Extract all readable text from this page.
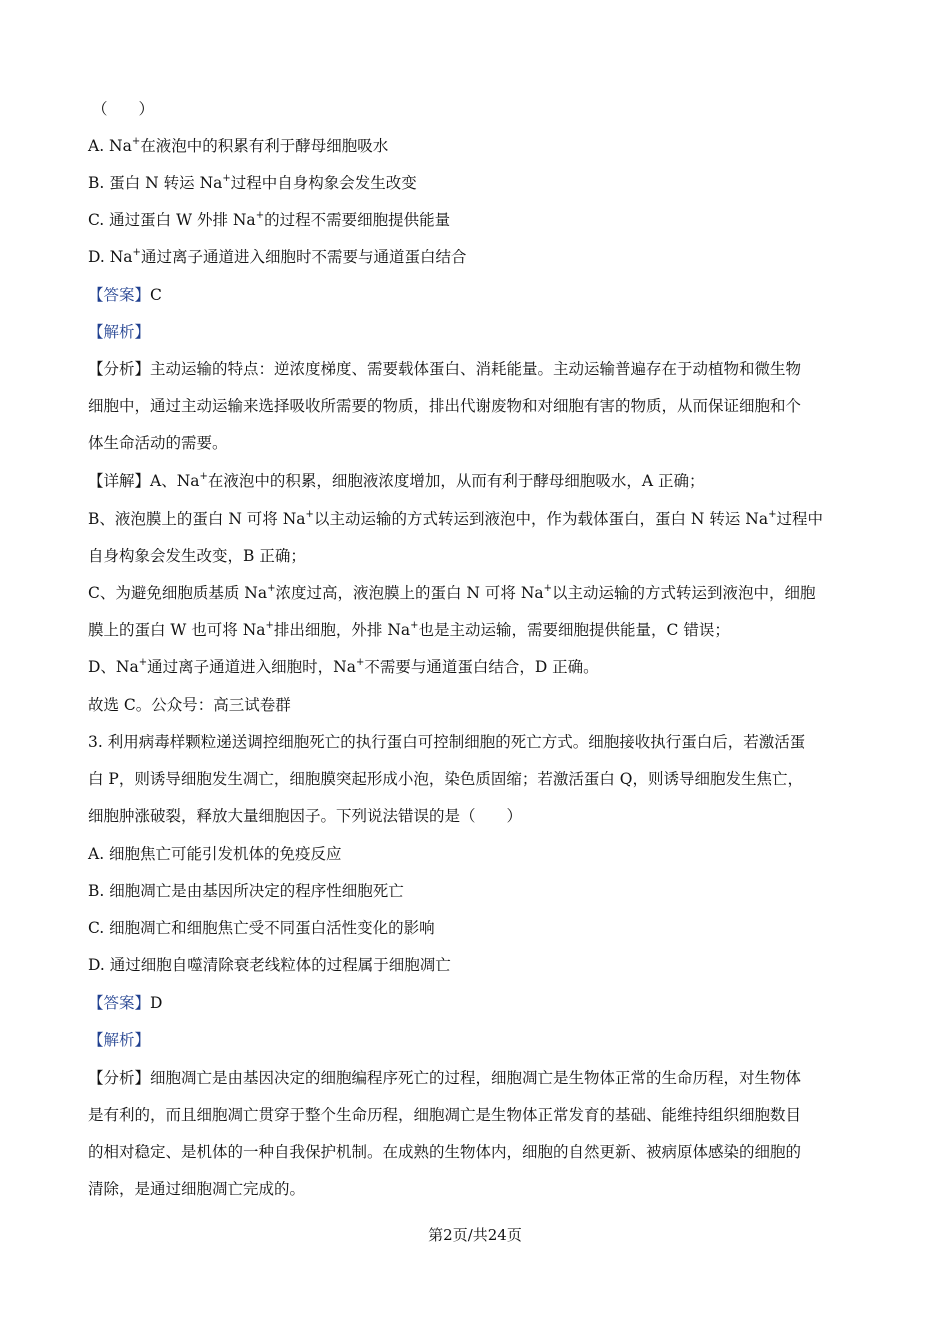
（　　）
A. Na+在液泡中的积累有利于酵母细胞吸水
B. 蛋白 N 转运 Na+过程中自身构象会发生改变
C. 通过蛋白 W 外排 Na+的过程不需要细胞提供能量
D. Na+通过离子通道进入细胞时不需要与通道蛋白结合
【答案】C
【解析】
【分析】主动运输的特点：逆浓度梯度、需要载体蛋白、消耗能量。主动运输普遍存在于动植物和微生物
细胞中，通过主动运输来选择吸收所需要的物质，排出代谢废物和对细胞有害的物质，从而保证细胞和个
体生命活动的需要。
【详解】A、Na+在液泡中的积累，细胞液浓度增加，从而有利于酵母细胞吸水，A 正确；
B、液泡膜上的蛋白 N 可将 Na+以主动运输的方式转运到液泡中，作为载体蛋白，蛋白 N 转运 Na+过程中
自身构象会发生改变，B 正确；
C、为避免细胞质基质 Na+浓度过高，液泡膜上的蛋白 N 可将 Na+以主动运输的方式转运到液泡中，细胞
膜上的蛋白 W 也可将 Na+排出细胞，外排 Na+也是主动运输，需要细胞提供能量，C 错误；
D、Na+通过离子通道进入细胞时，Na+不需要与通道蛋白结合，D 正确。
故选 C。公众号：高三试卷群
3. 利用病毒样颗粒递送调控细胞死亡的执行蛋白可控制细胞的死亡方式。细胞接收执行蛋白后，若激活蛋
白 P，则诱导细胞发生凋亡，细胞膜突起形成小泡，染色质固缩；若激活蛋白 Q，则诱导细胞发生焦亡，
细胞肿涨破裂，释放大量细胞因子。下列说法错误的是（　　）
A. 细胞焦亡可能引发机体的免疫反应
B. 细胞凋亡是由基因所决定的程序性细胞死亡
C. 细胞凋亡和细胞焦亡受不同蛋白活性变化的影响
D. 通过细胞自噬清除衰老线粒体的过程属于细胞凋亡
【答案】D
【解析】
【分析】细胞凋亡是由基因决定的细胞编程序死亡的过程，细胞凋亡是生物体正常的生命历程，对生物体
是有利的，而且细胞凋亡贯穿于整个生命历程，细胞凋亡是生物体正常发育的基础、能维持组织细胞数目
的相对稳定、是机体的一种自我保护机制。在成熟的生物体内，细胞的自然更新、被病原体感染的细胞的
清除，是通过细胞凋亡完成的。
第2页/共24页
